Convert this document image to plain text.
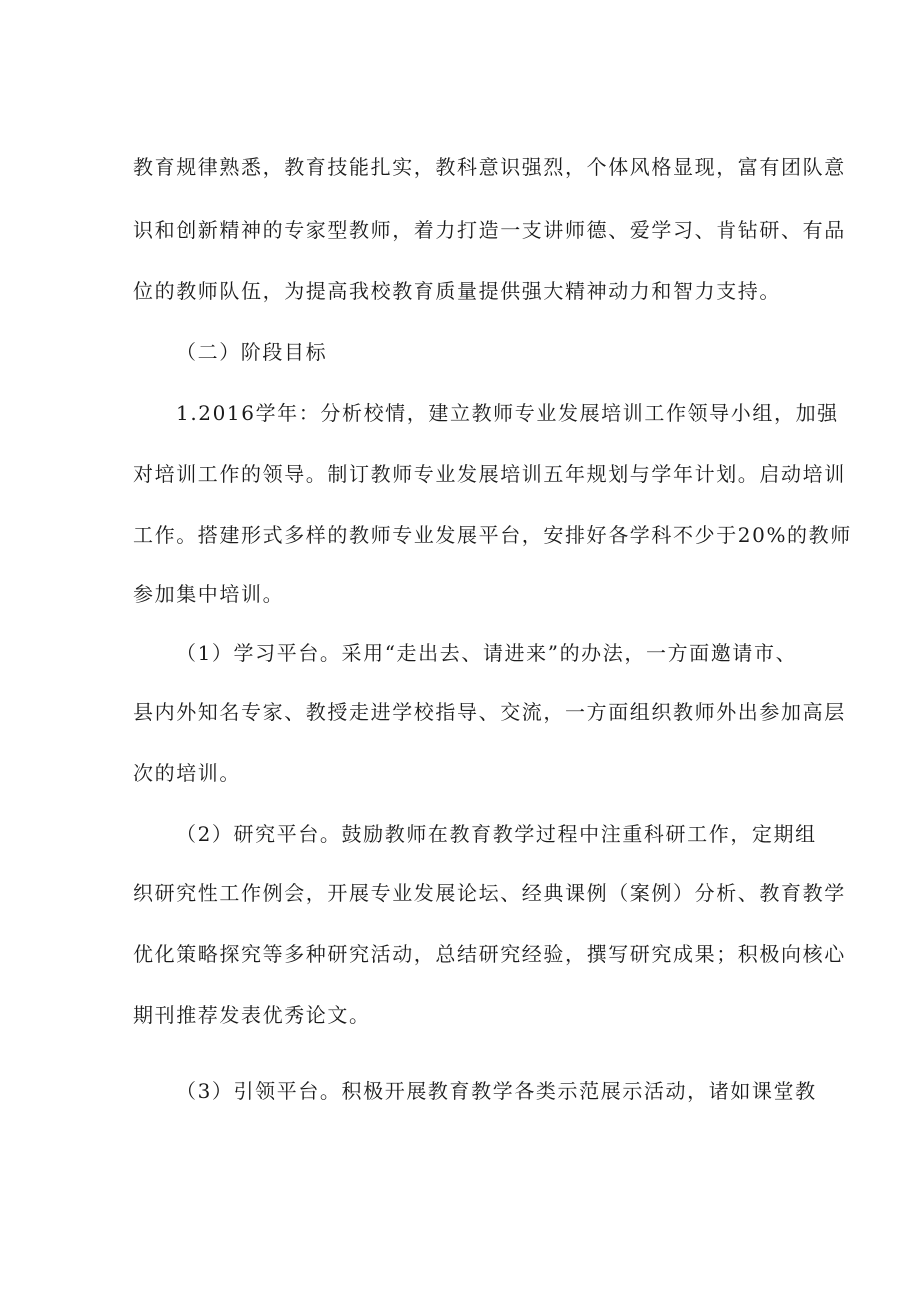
教育规律熟悉，教育技能扎实，教科意识强烈，个体风格显现，富有团队意
识和创新精神的专家型教师，着力打造一支讲师德、爱学习、肯钻研、有品
位的教师队伍，为提高我校教育质量提供强大精神动力和智力支持。
（二）阶段目标
1.2016学年：分析校情，建立教师专业发展培训工作领导小组，加强
对培训工作的领导。制订教师专业发展培训五年规划与学年计划。启动培训
工作。搭建形式多样的教师专业发展平台，安排好各学科不少于20%的教师
参加集中培训。
（1）学习平台。采用“走出去、请进来”的办法，一方面邀请市、
县内外知名专家、教授走进学校指导、交流，一方面组织教师外出参加高层
次的培训。
（2）研究平台。鼓励教师在教育教学过程中注重科研工作，定期组
织研究性工作例会，开展专业发展论坛、经典课例（案例）分析、教育教学
优化策略探究等多种研究活动，总结研究经验，撰写研究成果；积极向核心
期刊推荐发表优秀论文。
（3）引领平台。积极开展教育教学各类示范展示活动，诸如课堂教
